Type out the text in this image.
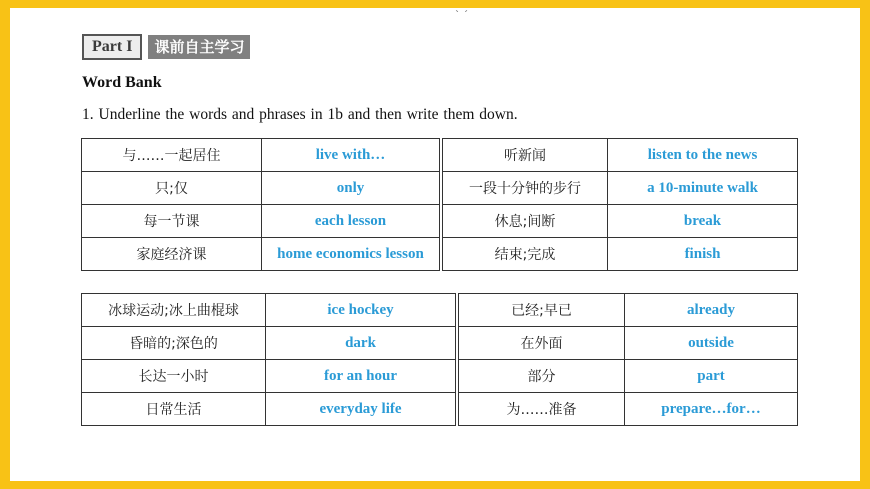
` ´
Part I	课前自主学习
Word Bank
1. Underline the words and phrases in 1b and then write them down.
与……一起居住	live with…		听新闻	listen to the news
只;仅	only		一段十分钟的步行	a 10-minute walk
每一节课	each lesson		休息;间断	break
家庭经济课	home economics lesson		结束;完成	finish
冰球运动;冰上曲棍球	ice hockey		已经;早已	already
昏暗的;深色的	dark		在外面	outside
长达一小时	for an hour		部分	part
日常生活	everyday life		为……准备	prepare…for…
